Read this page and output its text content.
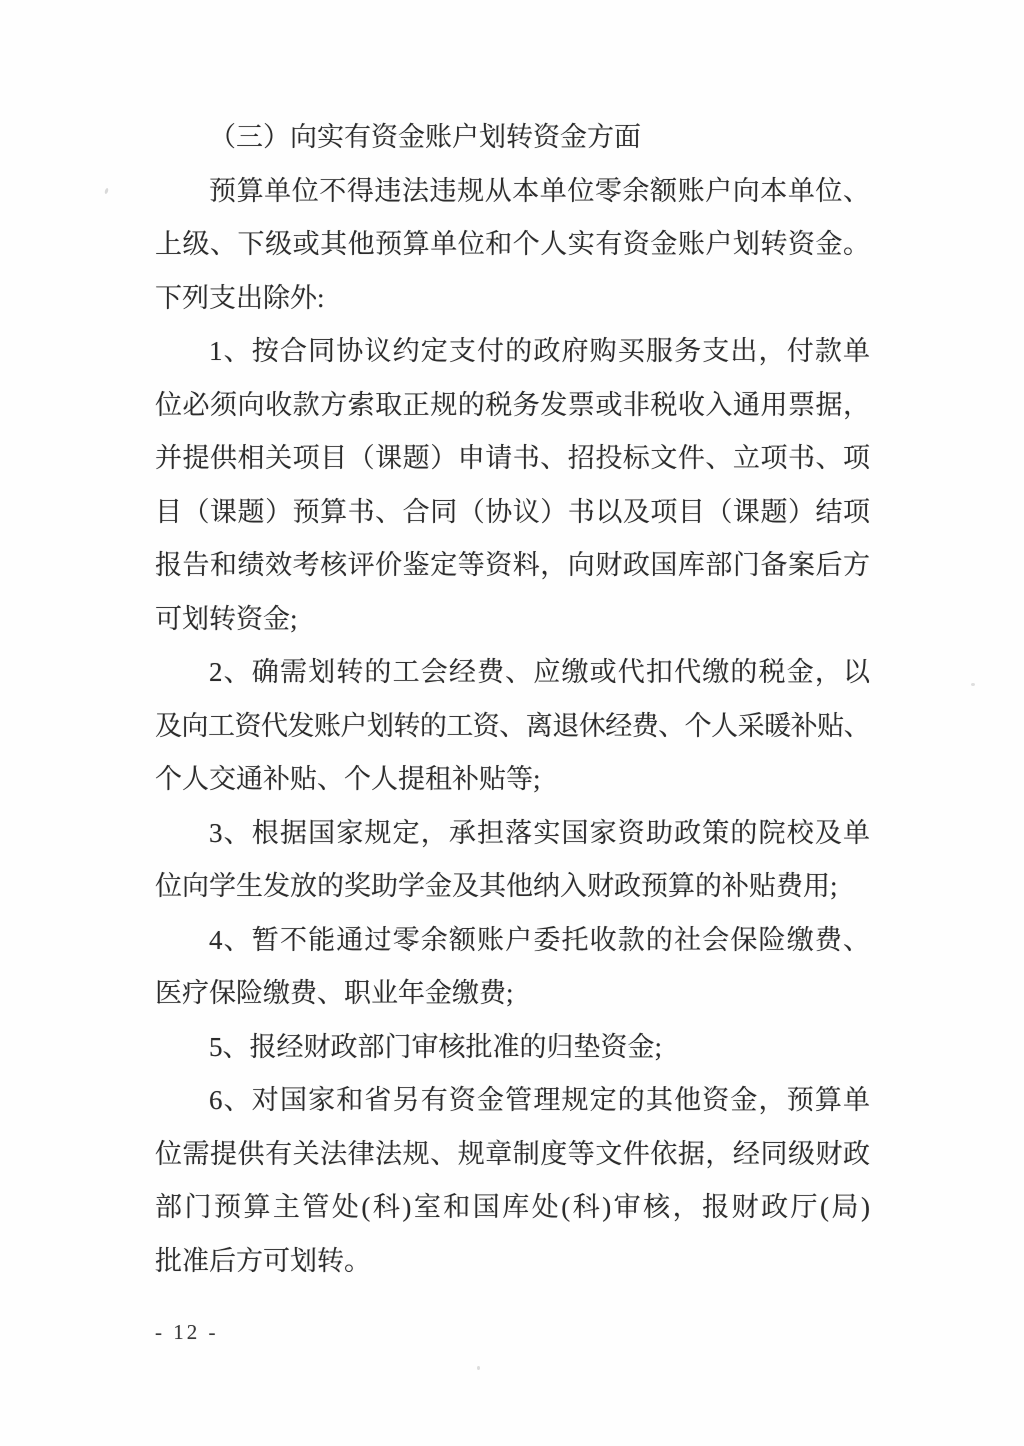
（三）向实有资金账户划转资金方面
预算单位不得违法违规从本单位零余额账户向本单位、
上级、下级或其他预算单位和个人实有资金账户划转资金。
下列支出除外:
1、按合同协议约定支付的政府购买服务支出，付款单
位必须向收款方索取正规的税务发票或非税收入通用票据，
并提供相关项目（课题）申请书、招投标文件、立项书、项
目（课题）预算书、合同（协议）书以及项目（课题）结项
报告和绩效考核评价鉴定等资料，向财政国库部门备案后方
可划转资金;
2、确需划转的工会经费、应缴或代扣代缴的税金，以
及向工资代发账户划转的工资、离退休经费、个人采暖补贴、
个人交通补贴、个人提租补贴等;
3、根据国家规定，承担落实国家资助政策的院校及单
位向学生发放的奖助学金及其他纳入财政预算的补贴费用;
4、暂不能通过零余额账户委托收款的社会保险缴费、
医疗保险缴费、职业年金缴费;
5、报经财政部门审核批准的归垫资金;
6、对国家和省另有资金管理规定的其他资金，预算单
位需提供有关法律法规、规章制度等文件依据，经同级财政
部门预算主管处(科)室和国库处(科)审核，报财政厅(局)
批准后方可划转。
- 12 -
